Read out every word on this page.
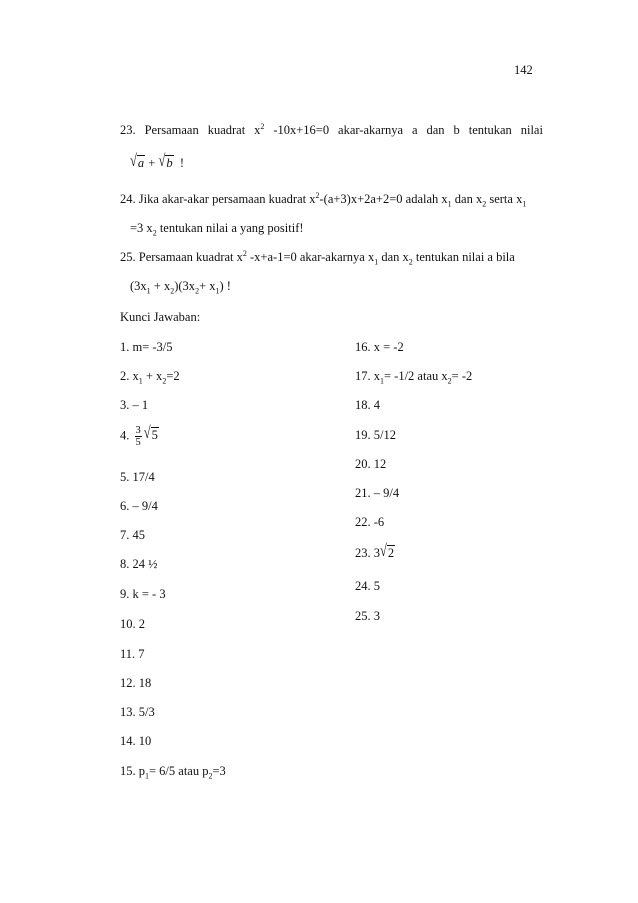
142
23. Persamaan kuadrat $x^2$ -10x+16=0 akar-akarnya a dan b tentukan nilai
√a + √b !
24. Jika akar-akar persamaan kuadrat $x^2-(a+3)x+2a+2=0$ adalah $x_1$ dan $x_2$ serta $x_1$
=3 $x_2$ tentukan nilai a yang positif!
25. Persamaan kuadrat $x^2$ -x+a-1=0 akar-akarnya $x_1$ dan $x_2$ tentukan nilai a bila
$(3x_1 + x_2)(3x_2+ x_1)$ !
Kunci Jawaban:
1. m= -3/5
2. $x_1 + x_2=2$
3. – 1
4. $\frac{3}{5} √5$
5. 17/4
6. – 9/4
7. 45
8. 24 ½
9. k = - 3
10. 2
11. 7
12. 18
13. 5/3
14. 10
15. $p_1= 6/5$ atau $p_2=3$
16. x = -2
17. $x_1= -1/2$ atau $x_2= -2$
18. 4
19. 5/12
20. 12
21. – 9/4
22. -6
23. 3√2
24. 5
25. 3
